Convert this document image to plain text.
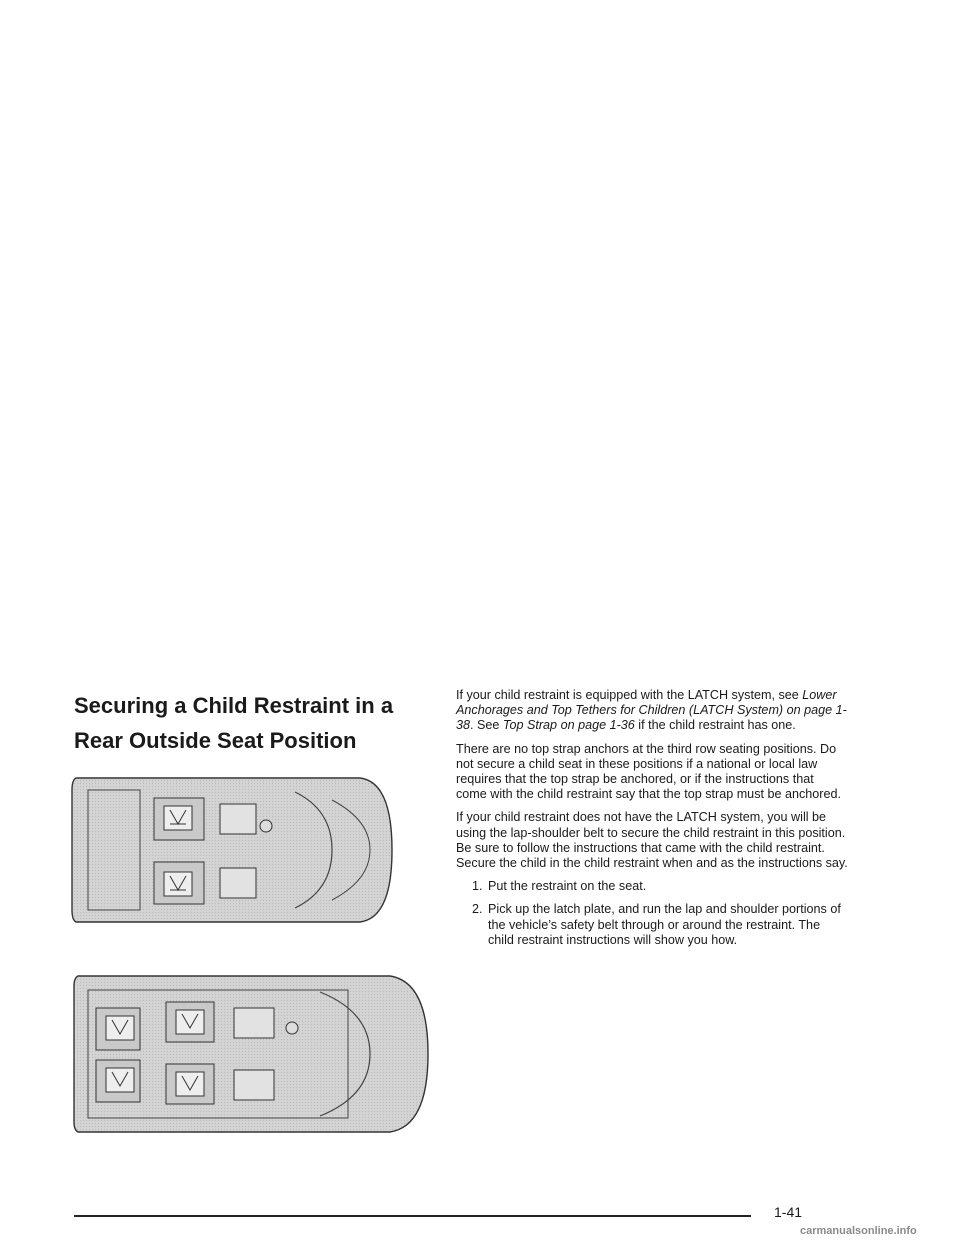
Securing a Child Restraint in a Rear Outside Seat Position

If your child restraint is equipped with the LATCH system, see Lower Anchorages and Top Tethers for Children (LATCH System) on page 1-38. See Top Strap on page 1-36 if the child restraint has one.

There are no top strap anchors at the third row seating positions. Do not secure a child seat in these positions if a national or local law requires that the top strap be anchored, or if the instructions that come with the child restraint say that the top strap must be anchored.

If your child restraint does not have the LATCH system, you will be using the lap-shoulder belt to secure the child restraint in this position. Be sure to follow the instructions that came with the child restraint. Secure the child in the child restraint when and as the instructions say.

1. Put the restraint on the seat.
2. Pick up the latch plate, and run the lap and shoulder portions of the vehicle’s safety belt through or around the restraint. The child restraint instructions will show you how.
1-41
carmanualsonline.info
